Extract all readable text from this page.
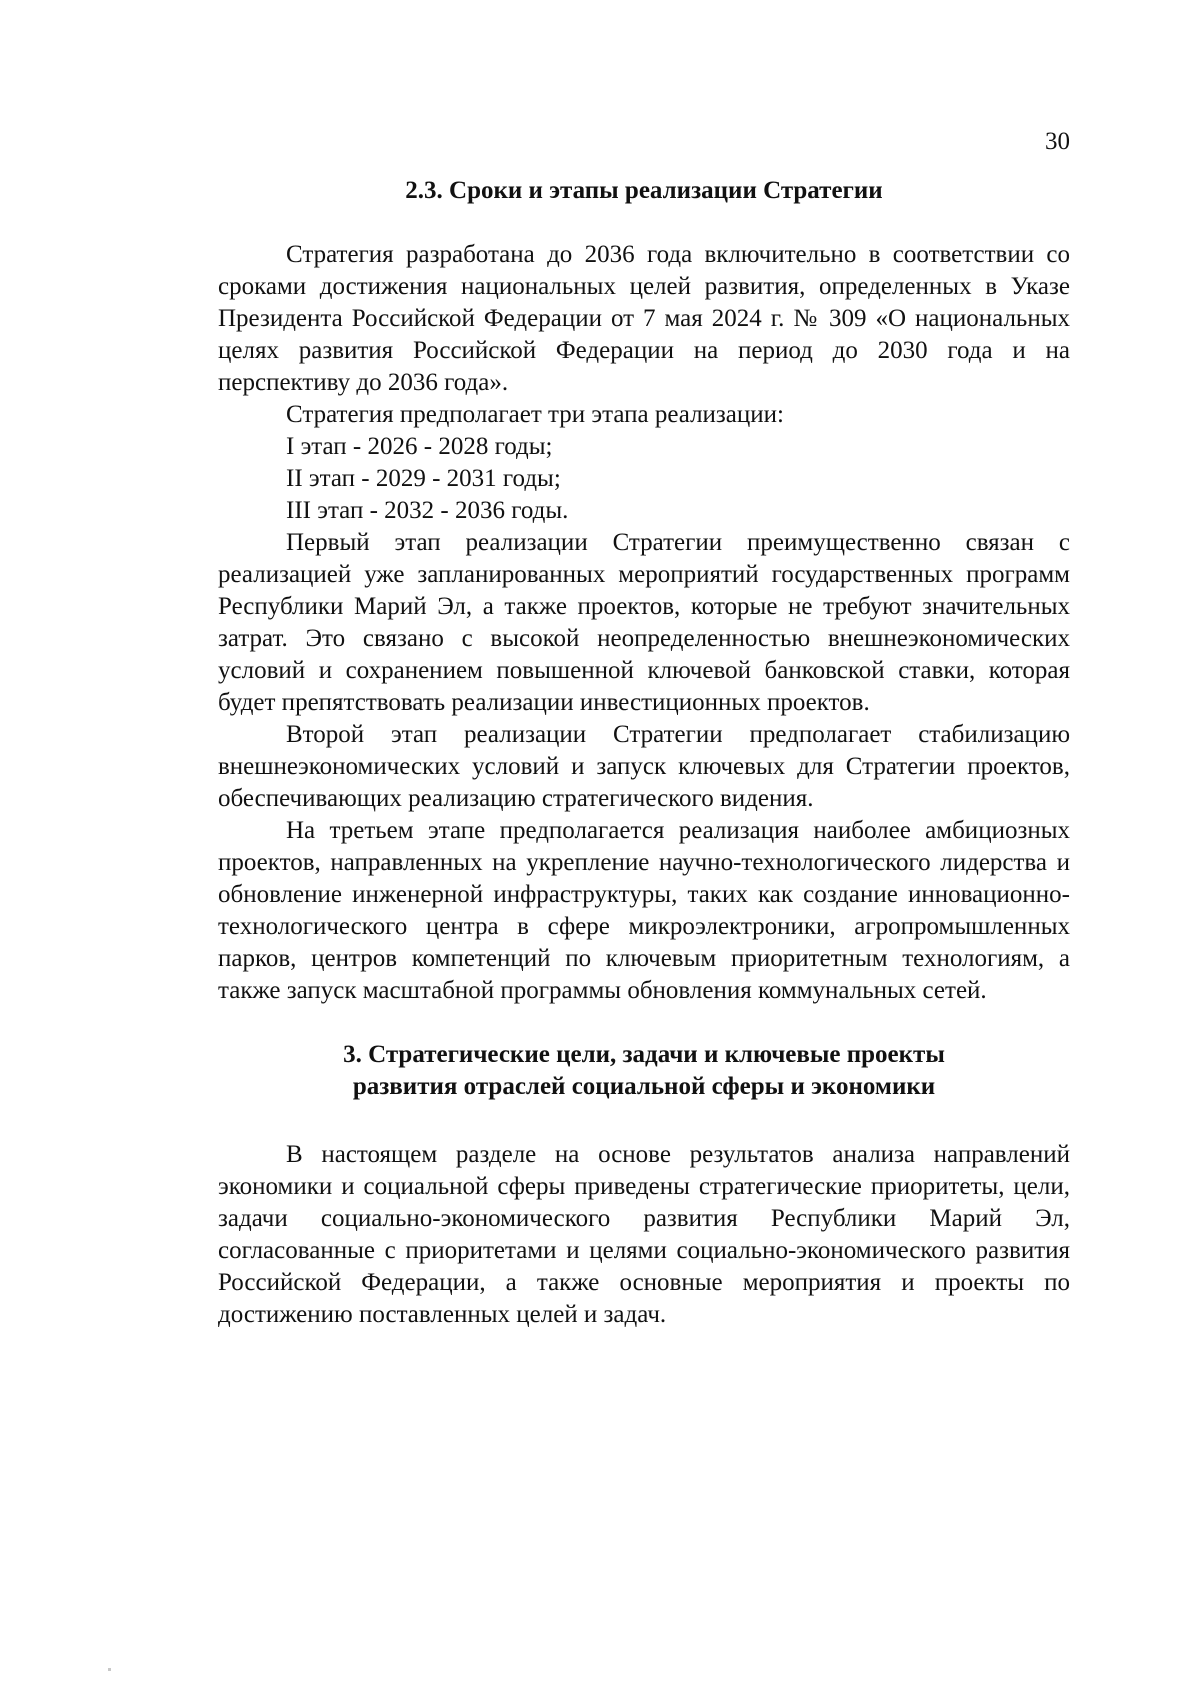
30
2.3. Сроки и этапы реализации Стратегии

Стратегия разработана до 2036 года включительно в соответствии со сроками достижения национальных целей развития, определенных в Указе Президента Российской Федерации от 7 мая 2024 г. № 309 «О национальных целях развития Российской Федерации на период до 2030 года и на перспективу до 2036 года».

Стратегия предполагает три этапа реализации:

I этап - 2026 - 2028 годы;

II этап - 2029 - 2031 годы;

III этап - 2032 - 2036 годы.

Первый этап реализации Стратегии преимущественно связан с реализацией уже запланированных мероприятий государственных программ Республики Марий Эл, а также проектов, которые не требуют значительных затрат. Это связано с высокой неопределенностью внешнеэкономических условий и сохранением повышенной ключевой банковской ставки, которая будет препятствовать реализации инвестиционных проектов.

Второй этап реализации Стратегии предполагает стабилизацию внешнеэкономических условий и запуск ключевых для Стратегии проектов, обеспечивающих реализацию стратегического видения.

На третьем этапе предполагается реализация наиболее амбициозных проектов, направленных на укрепление научно-технологического лидерства и обновление инженерной инфраструктуры, таких как создание инновационно-технологического центра в сфере микроэлектроники, агропромышленных парков, центров компетенций по ключевым приоритетным технологиям, а также запуск масштабной программы обновления коммунальных сетей.

3. Стратегические цели, задачи и ключевые проекты
развития отраслей социальной сферы и экономики

В настоящем разделе на основе результатов анализа направлений экономики и социальной сферы приведены стратегические приоритеты, цели, задачи социально-экономического развития Республики Марий Эл, согласованные с приоритетами и целями социально-экономического развития Российской Федерации, а также основные мероприятия и проекты по достижению поставленных целей и задач.
